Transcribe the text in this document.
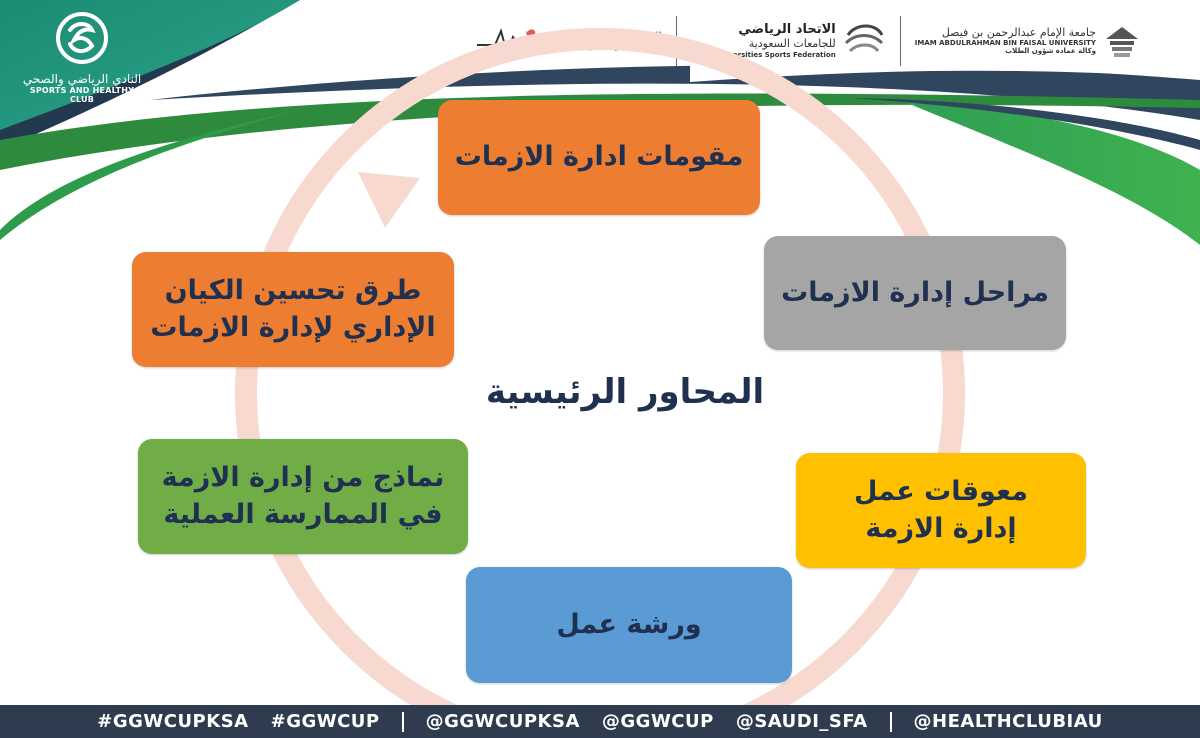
النادي الرياضي والصحي
SPORTS AND HEALTHY CLUB
الصحة الجيدة والرفاه
فريق لقا | كرة القدم لحماسيات
الاتحاد الرياضي
للجامعات السعودية
Saudi Universities Sports Federation
جامعة الإمام عبدالرحمن بن فيصل
IMAM ABDULRAHMAN BIN FAISAL UNIVERSITY
وكالة عمادة شؤون الطلاب
مقومات ادارة الازمات
مراحل إدارة الازمات
معوقات عمل إدارة الازمة
ورشة عمل
نماذج من إدارة الازمة في الممارسة العملية
طرق تحسين الكيان الإداري لإدارة الازمات
المحاور الرئيسية
#GGWCUPKSA #GGWCUP	@GGWCUPKSA @GGWCUP @SAUDI_SFA	@HEALTHCLUBIAU
